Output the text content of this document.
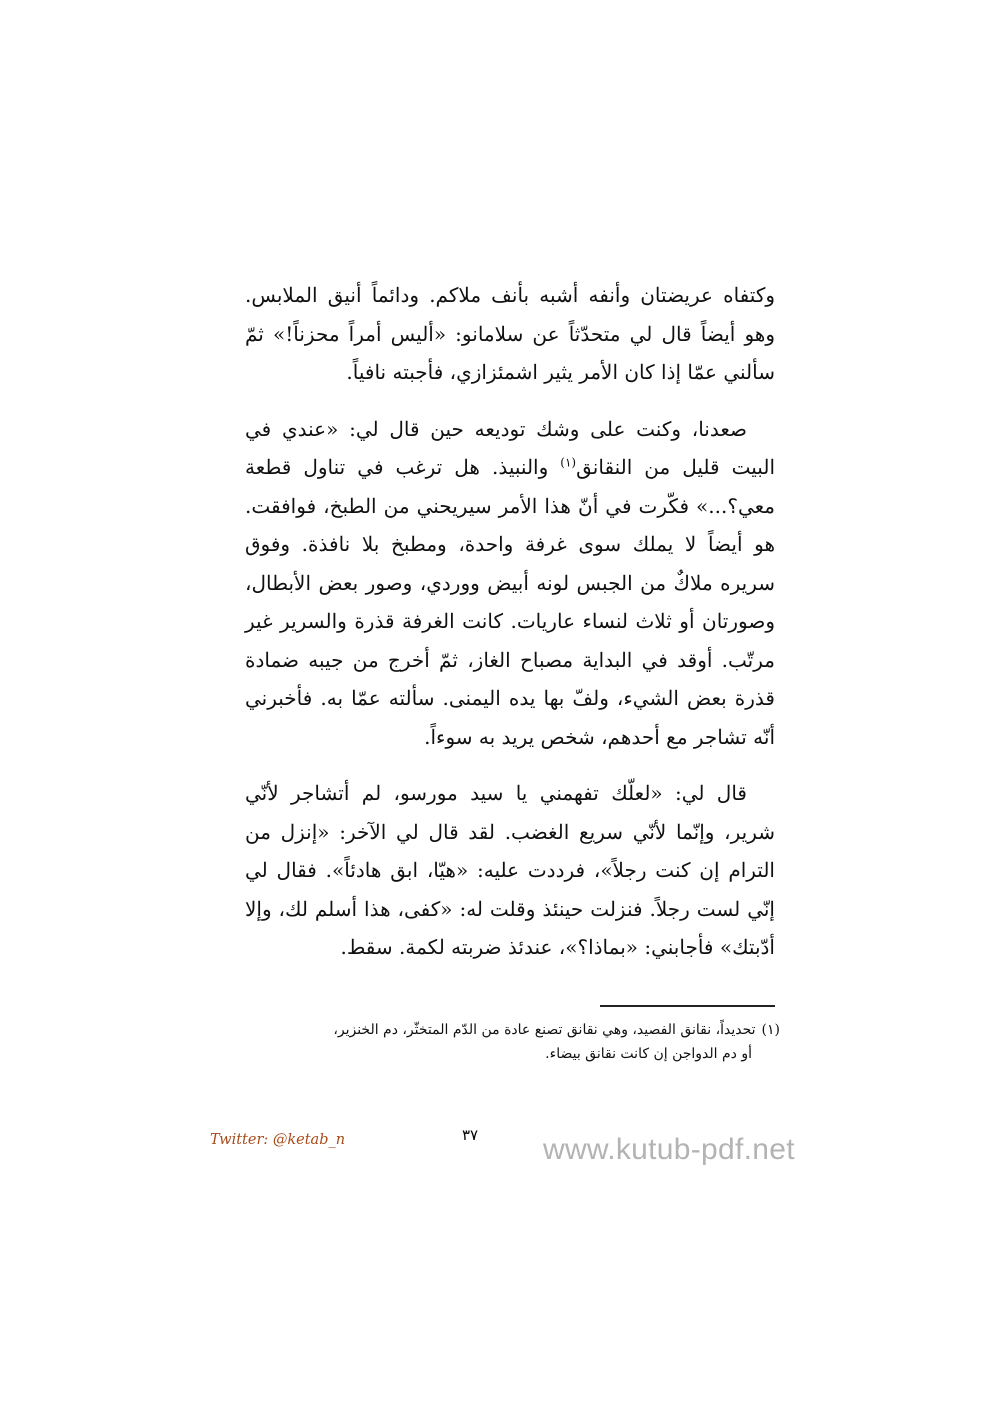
وكتفاه عريضتان وأنفه أشبه بأنف ملاكم. ودائماً أنيق الملابس. وهو أيضاً قال لي متحدّثاً عن سلامانو: «أليس أمراً محزناً!» ثمّ سألني عمّا إذا كان الأمر يثير اشمئزازي، فأجبته نافياً.

صعدنا، وكنت على وشك توديعه حين قال لي: «عندي في البيت قليل من النقانق$^{(١)}$ والنبيذ. هل ترغب في تناول قطعة معي؟...» فكّرت في أنّ هذا الأمر سيريحني من الطبخ، فوافقت. هو أيضاً لا يملك سوى غرفة واحدة، ومطبخ بلا نافذة. وفوق سريره ملاكٌ من الجبس لونه أبيض ووردي، وصور بعض الأبطال، وصورتان أو ثلاث لنساء عاريات. كانت الغرفة قذرة والسرير غير مرتّب. أوقد في البداية مصباح الغاز، ثمّ أخرج من جيبه ضمادة قذرة بعض الشيء، ولفّ بها يده اليمنى. سألته عمّا به. فأخبرني أنّه تشاجر مع أحدهم، شخص يريد به سوءاً.

قال لي: «لعلّك تفهمني يا سيد مورسو، لم أتشاجر لأنّي شرير، وإنّما لأنّي سريع الغضب. لقد قال لي الآخر: «إنزل من الترام إن كنت رجلاً»، فرددت عليه: «هيّا، ابق هادئاً». فقال لي إنّي لست رجلاً. فنزلت حينئذ وقلت له: «كفى، هذا أسلم لك، وإلا أدّبتك» فأجابني: «بماذا؟»، عندئذ ضربته لكمة. سقط.

(١)تحديداً، نقانق الفصيد، وهي نقانق تصنع عادة من الدّم المتخثّر، دم الخنزير،
أو دم الدواجن إن كانت نقانق بيضاء.
Twitter: @ketab_n	٣٧ www.kutub-pdf.net
